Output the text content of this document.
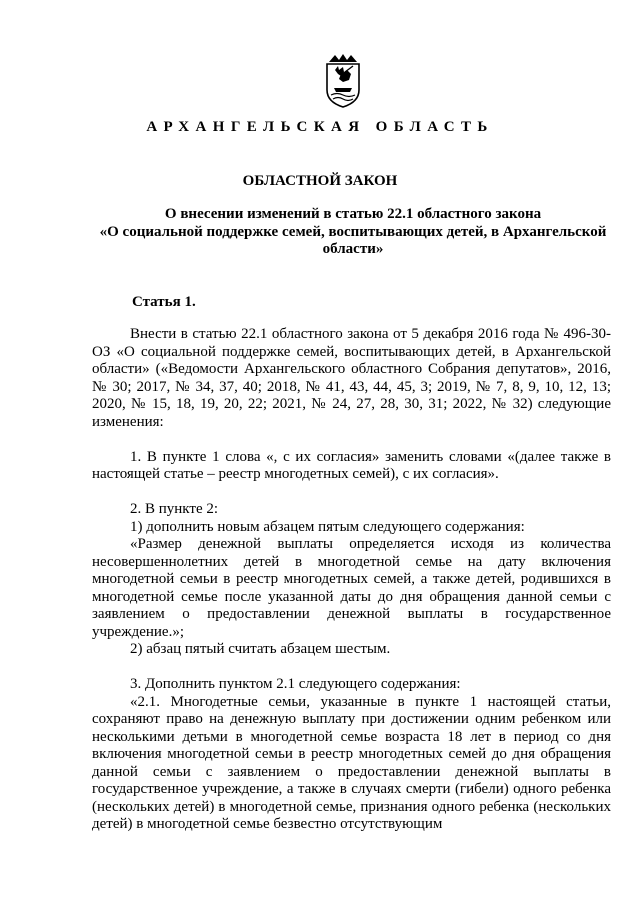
АРХАНГЕЛЬСКАЯ ОБЛАСТЬ
ОБЛАСТНОЙ ЗАКОН
О внесении изменений в статью 22.1 областного закона
«О социальной поддержке семей, воспитывающих детей, в Архангельской
области»
Статья 1.

Внести в статью 22.1 областного закона от 5 декабря 2016 года № 496-30-ОЗ «О социальной поддержке семей, воспитывающих детей, в Архангельской области» («Ведомости Архангельского областного Собрания депутатов», 2016, № 30; 2017, № 34, 37, 40; 2018, № 41, 43, 44, 45, 3; 2019, № 7, 8, 9, 10, 12, 13; 2020, № 15, 18, 19, 20, 22; 2021, № 24, 27, 28, 30, 31; 2022, № 32) следующие изменения:

1. В пункте 1 слова «, с их согласия» заменить словами «(далее также в настоящей статье – реестр многодетных семей), с их согласия».

2. В пункте 2:

1) дополнить новым абзацем пятым следующего содержания:

«Размер денежной выплаты определяется исходя из количества несовершеннолетних детей в многодетной семье на дату включения многодетной семьи в реестр многодетных семей, а также детей, родившихся в многодетной семье после указанной даты до дня обращения данной семьи с заявлением о предоставлении денежной выплаты в государственное учреждение.»;

2) абзац пятый считать абзацем шестым.

3. Дополнить пунктом 2.1 следующего содержания:

«2.1. Многодетные семьи, указанные в пункте 1 настоящей статьи, сохраняют право на денежную выплату при достижении одним ребенком или несколькими детьми в многодетной семье возраста 18 лет в период со дня включения многодетной семьи в реестр многодетных семей до дня обращения данной семьи с заявлением о предоставлении денежной выплаты в государственное учреждение, а также в случаях смерти (гибели) одного ребенка (нескольких детей) в многодетной семье, признания одного ребенка (нескольких детей) в многодетной семье безвестно отсутствующим
